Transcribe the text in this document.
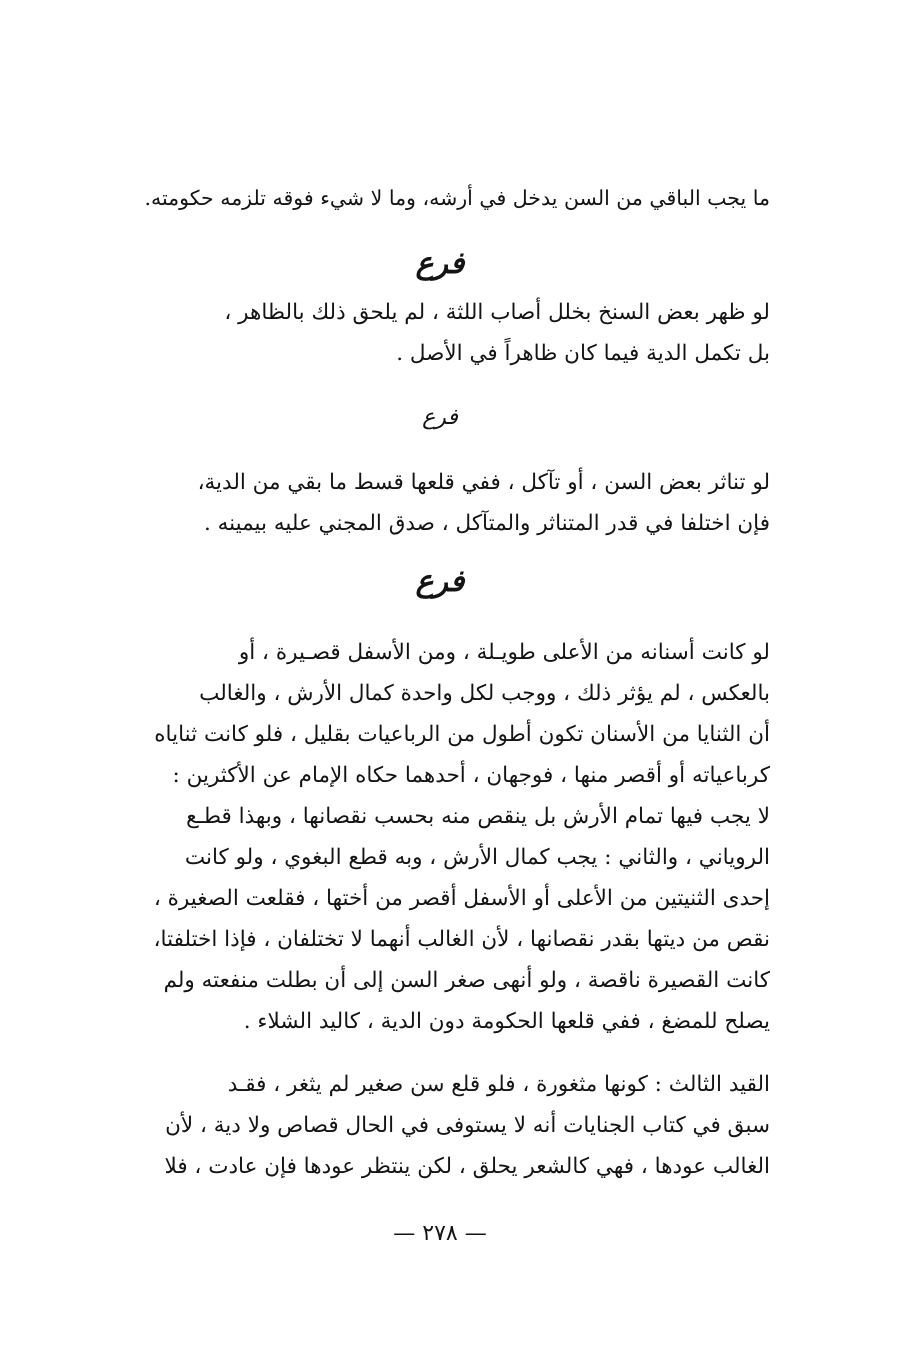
ما يجب الباقي من السن يدخل في أرشه، وما لا شيء فوقه تلزمه حكومته.
فرع
لو ظهر بعض السنخ بخلل أصاب اللثة ، لم يلحق ذلك بالظاهر ،
بل تكمل الدية فيما كان ظاهراً في الأصل .
فرع
لو تناثر بعض السن ، أو تآكل ، ففي قلعها قسط ما بقي من الدية،
فإن اختلفا في قدر المتناثر والمتآكل ، صدق المجني عليه بيمينه .
فرع
لو كانت أسنانه من الأعلى طويـلة ، ومن الأسفل قصـيرة ، أو
بالعكس ، لم يؤثر ذلك ، ووجب لكل واحدة كمال الأرش ، والغالب
أن الثنايا من الأسنان تكون أطول من الرباعيات بقليل ، فلو كانت ثناياه
كرباعياته أو أقصر منها ، فوجهان ، أحدهما حكاه الإمام عن الأكثرين :
لا يجب فيها تمام الأرش بل ينقص منه بحسب نقصانها ، وبهذا قطـع
الروياني ، والثاني : يجب كمال الأرش ، وبه قطع البغوي ، ولو كانت
إحدى الثنيتين من الأعلى أو الأسفل أقصر من أختها ، فقلعت الصغيرة ،
نقص من ديتها بقدر نقصانها ، لأن الغالب أنهما لا تختلفان ، فإذا اختلفتا،
كانت القصيرة ناقصة ، ولو أنهى صغر السن إلى أن بطلت منفعته ولم
يصلح للمضغ ، ففي قلعها الحكومة دون الدية ، كاليد الشلاء .
القيد الثالث : كونها مثغورة ، فلو قلع سن صغير لم يثغر ، فقـد
سبق في كتاب الجنايات أنه لا يستوفى في الحال قصاص ولا دية ، لأن
الغالب عودها ، فهي كالشعر يحلق ، لكن ينتظر عودها فإن عادت ، فلا
— ٢٧٨ —
